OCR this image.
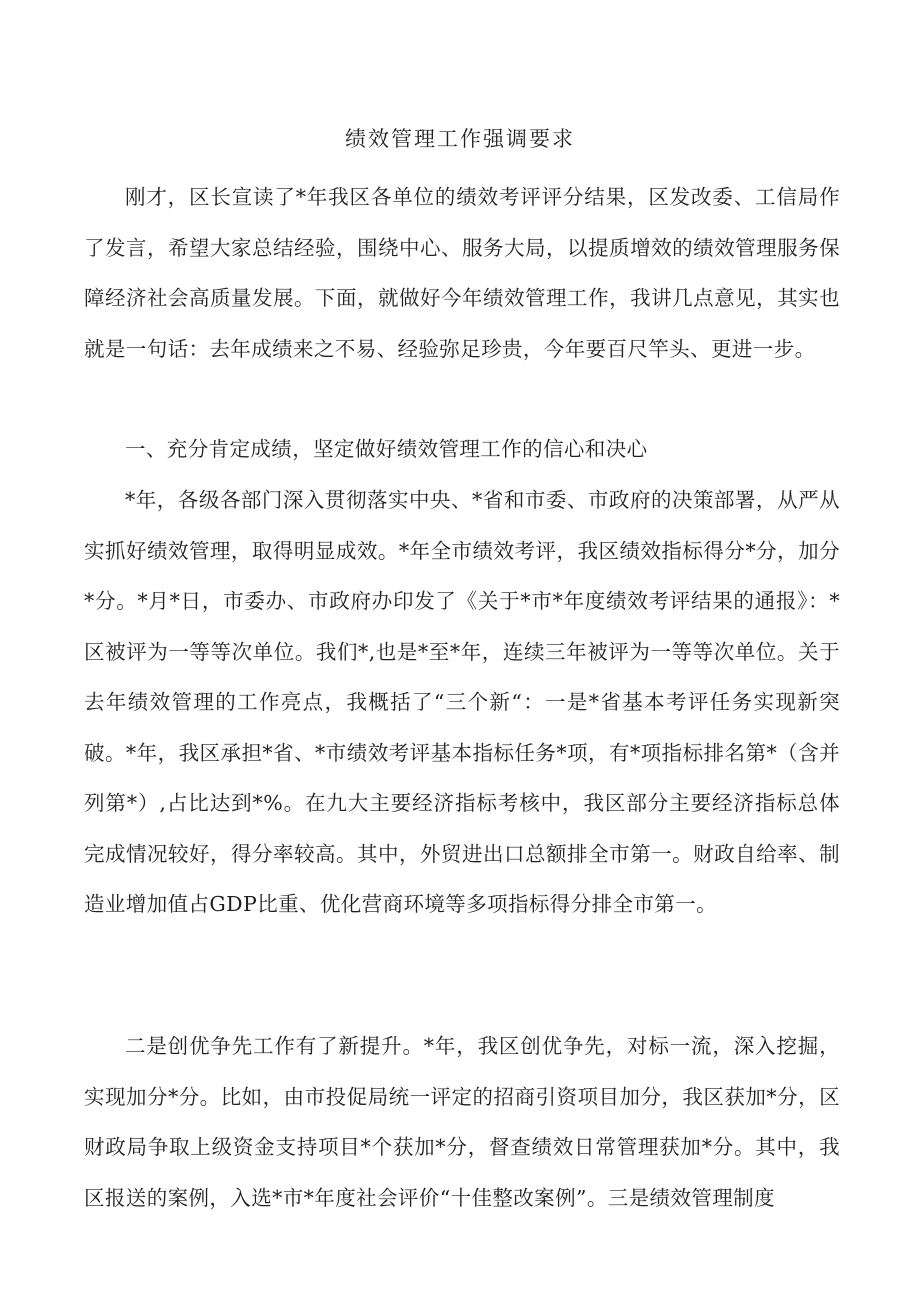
绩效管理工作强调要求

刚才，区长宣读了*年我区各单位的绩效考评评分结果，区发改委、工信局作了发言，希望大家总结经验，围绕中心、服务大局，以提质增效的绩效管理服务保障经济社会高质量发展。下面，就做好今年绩效管理工作，我讲几点意见，其实也就是一句话：去年成绩来之不易、经验弥足珍贵，今年要百尺竿头、更进一步。

一、充分肯定成绩，坚定做好绩效管理工作的信心和决心

*年，各级各部门深入贯彻落实中央、*省和市委、市政府的决策部署，从严从实抓好绩效管理，取得明显成效。*年全市绩效考评，我区绩效指标得分*分，加分*分。*月*日，市委办、市政府办印发了《关于*市*年度绩效考评结果的通报》：*区被评为一等等次单位。我们*,也是*至*年，连续三年被评为一等等次单位。关于去年绩效管理的工作亮点，我概括了“三个新“：一是*省基本考评任务实现新突破。*年，我区承担*省、*市绩效考评基本指标任务*项，有*项指标排名第*（含并列第*）,占比达到*%。在九大主要经济指标考核中，我区部分主要经济指标总体完成情况较好，得分率较高。其中，外贸进出口总额排全市第一。财政自给率、制造业增加值占GDP比重、优化营商环境等多项指标得分排全市第一。

二是创优争先工作有了新提升。*年，我区创优争先，对标一流，深入挖掘，实现加分*分。比如，由市投促局统一评定的招商引资项目加分，我区获加*分，区财政局争取上级资金支持项目*个获加*分，督查绩效日常管理获加*分。其中，我区报送的案例，入选*市*年度社会评价“十佳整改案例”。三是绩效管理制度
